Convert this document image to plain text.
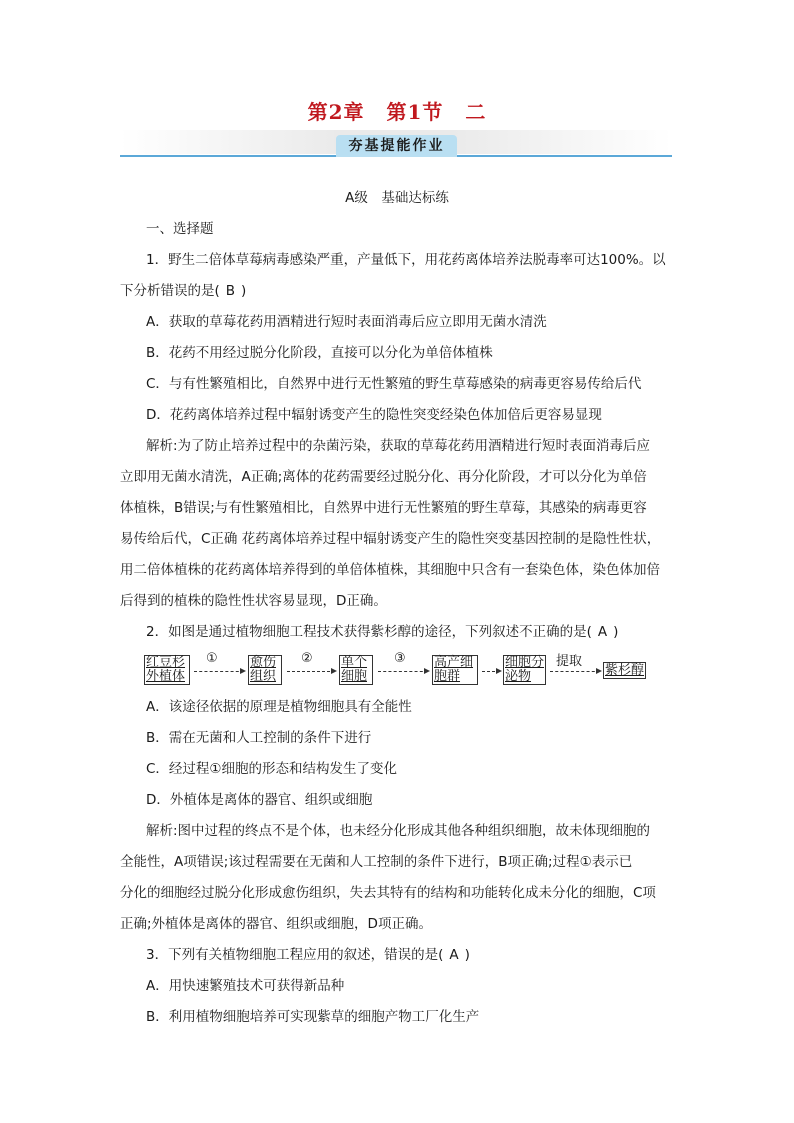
第2章 第1节 二
夯基提能作业
A级　基础达标练
一、选择题
1．野生二倍体草莓病毒感染严重，产量低下，用花药离体培养法脱毒率可达100%。以
下分析错误的是( B )
A．获取的草莓花药用酒精进行短时表面消毒后应立即用无菌水清洗
B．花药不用经过脱分化阶段，直接可以分化为单倍体植株
C．与有性繁殖相比，自然界中进行无性繁殖的野生草莓感染的病毒更容易传给后代
D．花药离体培养过程中辐射诱变产生的隐性突变经染色体加倍后更容易显现
解析:为了防止培养过程中的杂菌污染，获取的草莓花药用酒精进行短时表面消毒后应
立即用无菌水清洗，A正确;离体的花药需要经过脱分化、再分化阶段，才可以分化为单倍
体植株，B错误;与有性繁殖相比，自然界中进行无性繁殖的野生草莓，其感染的病毒更容
易传给后代，C正确 花药离体培养过程中辐射诱变产生的隐性突变基因控制的是隐性性状，
用二倍体植株的花药离体培养得到的单倍体植株，其细胞中只含有一套染色体，染色体加倍
后得到的植株的隐性性状容易显现，D正确。
2．如图是通过植物细胞工程技术获得紫杉醇的途径，下列叙述不正确的是( A )
红豆杉
外植体
① 愈伤
组织
② 单个
细胞
③ 高产细
胞群
细胞分
泌物
提取
紫杉醇
A．该途径依据的原理是植物细胞具有全能性
B．需在无菌和人工控制的条件下进行
C．经过程①细胞的形态和结构发生了变化
D．外植体是离体的器官、组织或细胞
解析:图中过程的终点不是个体，也未经分化形成其他各种组织细胞，故未体现细胞的
全能性，A项错误;该过程需要在无菌和人工控制的条件下进行，B项正确;过程①表示已
分化的细胞经过脱分化形成愈伤组织，失去其特有的结构和功能转化成未分化的细胞，C项
正确;外植体是离体的器官、组织或细胞，D项正确。
3．下列有关植物细胞工程应用的叙述，错误的是( A )
A．用快速繁殖技术可获得新品种
B．利用植物细胞培养可实现紫草的细胞产物工厂化生产
